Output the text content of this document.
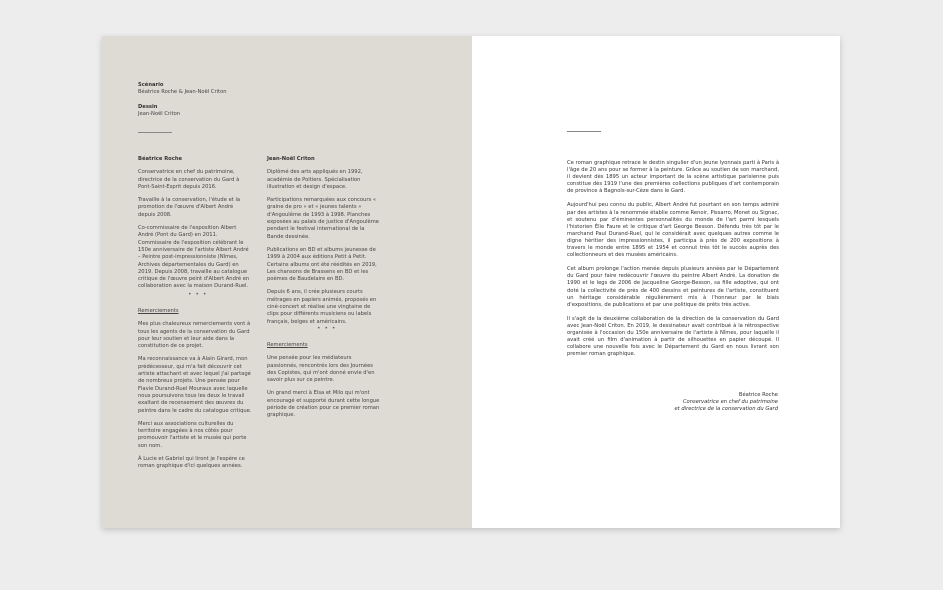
Scénario
Béatrice Roche & Jean-Noël Criton
Dessin
Jean-Noël Criton
Béatrice Roche

Conservatrice en chef du patrimoine, directrice de la conservation du Gard à Pont-Saint-Esprit depuis 2016.

Travaille à la conservation, l'étude et la promotion de l'œuvre d'Albert André depuis 2008.

Co-commissaire de l'exposition Albert André (Pont du Gard) en 2011. Commissaire de l'exposition célébrant le 150e anniversaire de l'artiste Albert André – Peintre post-impressionniste (Nîmes, Archives départementales du Gard) en 2019. Depuis 2008, travaille au catalogue critique de l'œuvre peint d'Albert André en collaboration avec la maison Durand-Ruel.

• • •
Remerciements

Mes plus chaleureux remerciements vont à tous les agents de la conservation du Gard pour leur soutien et leur aide dans la constitution de ce projet.

Ma reconnaissance va à Alain Girard, mon prédécesseur, qui m'a fait découvrir cet artiste attachant et avec lequel j'ai partagé de nombreux projets. Une pensée pour Flavie Durand-Ruel Mouraux avec laquelle nous poursuivons tous les deux le travail exaltant de recensement des œuvres du peintre dans le cadre du catalogue critique.

Merci aux associations culturelles du territoire engagées à nos côtés pour promouvoir l'artiste et le musée qui porte son nom.

À Lucie et Gabriel qui liront je l'espère ce roman graphique d'ici quelques années.

Jean-Noël Criton

Diplômé des arts appliqués en 1992, académie de Poitiers. Spécialisation illustration et design d'espace.

Participations remarquées aux concours « graine de pro » et « jeunes talents » d'Angoulême de 1993 à 1998. Planches exposées au palais de justice d'Angoulême pendant le festival international de la Bande dessinée.

Publications en BD et albums jeunesse de 1999 à 2004 aux éditions Petit à Petit. Certains albums ont été réédités en 2019, Les chansons de Brassens en BD et les poèmes de Baudelaire en BD.

Depuis 6 ans, il crée plusieurs courts métrages en papiers animés, proposés en ciné-concert et réalise une vingtaine de clips pour différents musiciens ou labels français, belges et américains.

• • •
Remerciements

Une pensée pour les médiateurs passionnés, rencontrés lors des Journées des Copistes, qui m'ont donné envie d'en savoir plus sur ce peintre.

Un grand merci à Elsa et Milo qui m'ont encouragé et supporté durant cette longue période de création pour ce premier roman graphique.

Ce roman graphique retrace le destin singulier d'un jeune lyonnais parti à Paris à l'âge de 20 ans pour se former à la peinture. Grâce au soutien de son marchand, il devient dès 1895 un acteur important de la scène artistique parisienne puis constitue dès 1919 l'une des premières collections publiques d'art contemporain de province à Bagnols-sur-Cèze dans le Gard.

Aujourd'hui peu connu du public, Albert André fut pourtant en son temps admiré par des artistes à la renommée établie comme Renoir, Pissarro, Monet ou Signac, et soutenu par d'éminentes personnalités du monde de l'art parmi lesquels l'historien Élie Faure et le critique d'art George Besson. Défendu très tôt par le marchand Paul Durand-Ruel, qui le considérait avec quelques autres comme le digne héritier des impressionnistes, il participa à près de 200 expositions à travers le monde entre 1895 et 1954 et connut très tôt le succès auprès des collectionneurs et des musées américains.

Cet album prolonge l'action menée depuis plusieurs années par le Département du Gard pour faire redécouvrir l'œuvre du peintre Albert André. La donation de 1990 et le legs de 2006 de Jacqueline George-Besson, sa fille adoptive, qui ont doté la collectivité de près de 400 dessins et peintures de l'artiste, constituent un héritage considérable régulièrement mis à l'honneur par le biais d'expositions, de publications et par une politique de prêts très active.

Il s'agit de la deuxième collaboration de la direction de la conservation du Gard avec Jean-Noël Criton. En 2019, le dessinateur avait contribué à la rétrospective organisée à l'occasion du 150e anniversaire de l'artiste à Nîmes, pour laquelle il avait créé un film d'animation à partir de silhouettes en papier découpé. Il collabore une nouvelle fois avec le Département du Gard en nous livrant son premier roman graphique.

Béatrice Roche
Conservatrice en chef du patrimoine
et directrice de la conservation du Gard
